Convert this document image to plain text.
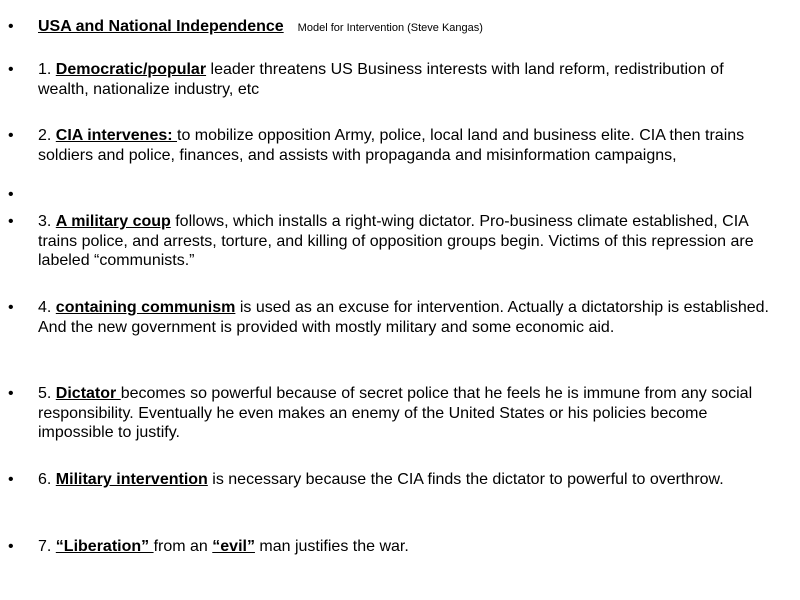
• USA and National Independence Model for Intervention (Steve Kangas)
• 1. Democratic/popular leader threatens US Business interests with land reform, redistribution of wealth, nationalize industry, etc
• 2. CIA intervenes: to mobilize opposition Army, police, local land and business elite. CIA then trains soldiers and police, finances, and assists with propaganda and misinformation campaigns,
•
• 3. A military coup follows, which installs a right-wing dictator. Pro-business climate established, CIA trains police, and arrests, torture, and killing of opposition groups begin. Victims of this repression are labeled “communists.”
• 4. containing communism is used as an excuse for intervention. Actually a dictatorship is established. And the new government is provided with mostly military and some economic aid.
• 5. Dictator becomes so powerful because of secret police that he feels he is immune from any social responsibility. Eventually he even makes an enemy of the United States or his policies become impossible to justify.
• 6. Military intervention is necessary because the CIA finds the dictator to powerful to overthrow.
• 7. “Liberation” from an “evil” man justifies the war.
